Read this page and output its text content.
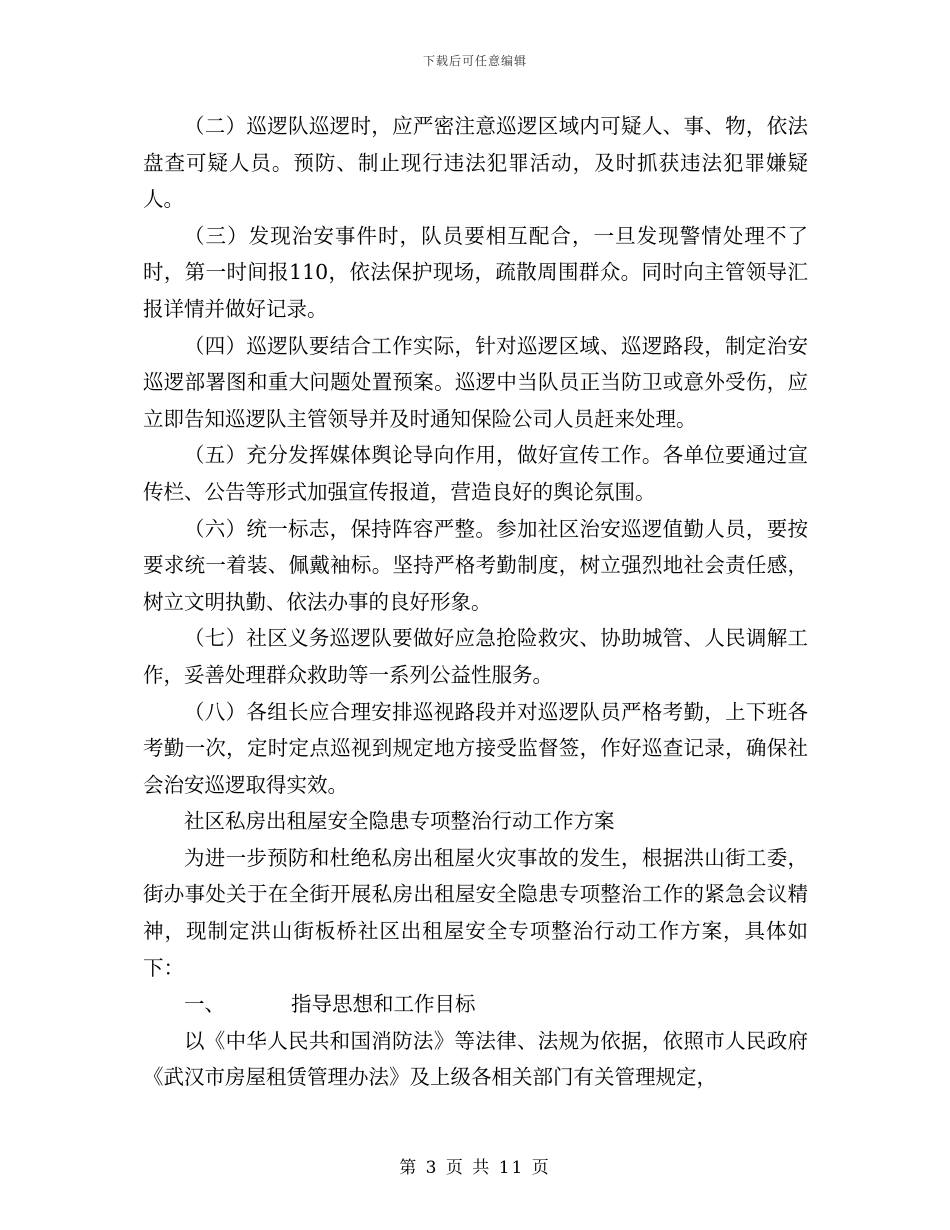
下载后可任意编辑

（二）巡逻队巡逻时，应严密注意巡逻区域内可疑人、事、物，依法盘查可疑人员。预防、制止现行违法犯罪活动，及时抓获违法犯罪嫌疑人。

（三）发现治安事件时，队员要相互配合，一旦发现警情处理不了时，第一时间报110，依法保护现场，疏散周围群众。同时向主管领导汇报详情并做好记录。

（四）巡逻队要结合工作实际，针对巡逻区域、巡逻路段，制定治安巡逻部署图和重大问题处置预案。巡逻中当队员正当防卫或意外受伤，应立即告知巡逻队主管领导并及时通知保险公司人员赶来处理。

（五）充分发挥媒体舆论导向作用，做好宣传工作。各单位要通过宣传栏、公告等形式加强宣传报道，营造良好的舆论氛围。

（六）统一标志，保持阵容严整。参加社区治安巡逻值勤人员，要按要求统一着装、佩戴袖标。坚持严格考勤制度，树立强烈地社会责任感，树立文明执勤、依法办事的良好形象。

（七）社区义务巡逻队要做好应急抢险救灾、协助城管、人民调解工作，妥善处理群众救助等一系列公益性服务。

（八）各组长应合理安排巡视路段并对巡逻队员严格考勤，上下班各考勤一次，定时定点巡视到规定地方接受监督签，作好巡查记录，确保社会治安巡逻取得实效。

社区私房出租屋安全隐患专项整治行动工作方案

为进一步预防和杜绝私房出租屋火灾事故的发生，根据洪山街工委，街办事处关于在全街开展私房出租屋安全隐患专项整治工作的紧急会议精神，现制定洪山街板桥社区出租屋安全专项整治行动工作方案，具体如下：

一、	指导思想和工作目标

以《中华人民共和国消防法》等法律、法规为依据，依照市人民政府《武汉市房屋租赁管理办法》及上级各相关部门有关管理规定，

第 3 页 共 11 页
